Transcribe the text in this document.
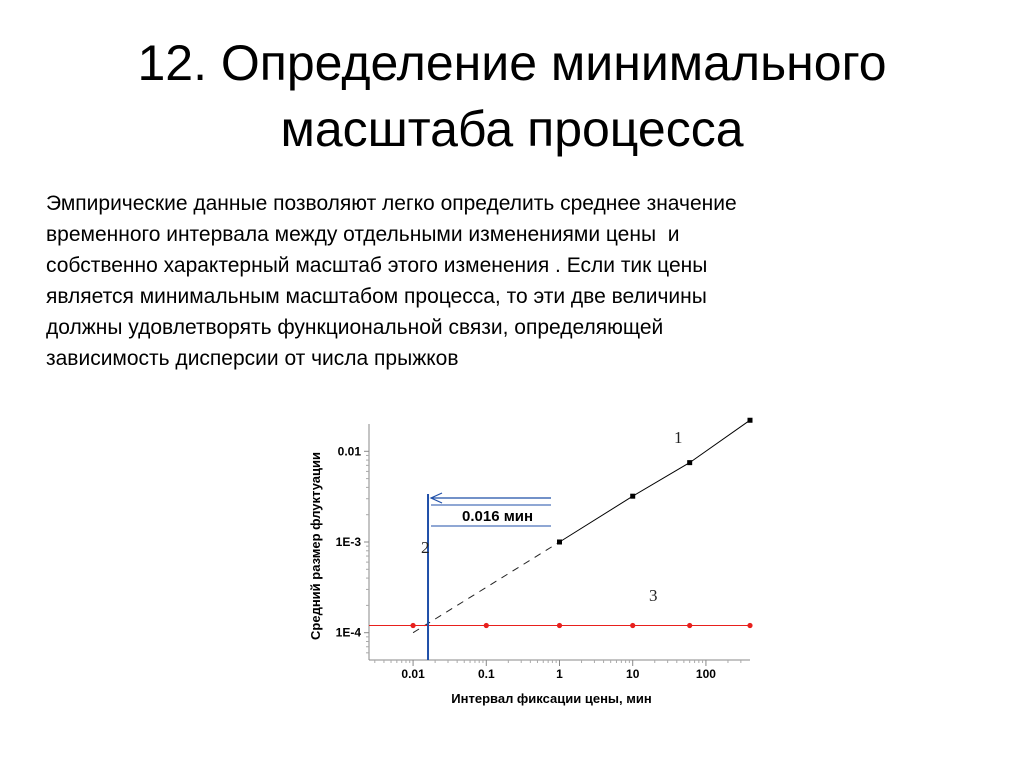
12. Определение минимального
масштаба процесса
Эмпирические данные позволяют легко определить среднее значение
временного интервала между отдельными изменениями цены  и
собственно характерный масштаб этого изменения . Если тик цены
является минимальным масштабом процесса, то эти две величины
должны удовлетворять функциональной связи, определяющей
зависимость дисперсии от числа прыжков
0.01	0.1	1	10	100
1E-4
1E-3
0.01
Интервал фиксации цены, мин
Средний размер флуктуации	0.016 мин
1
2
3
